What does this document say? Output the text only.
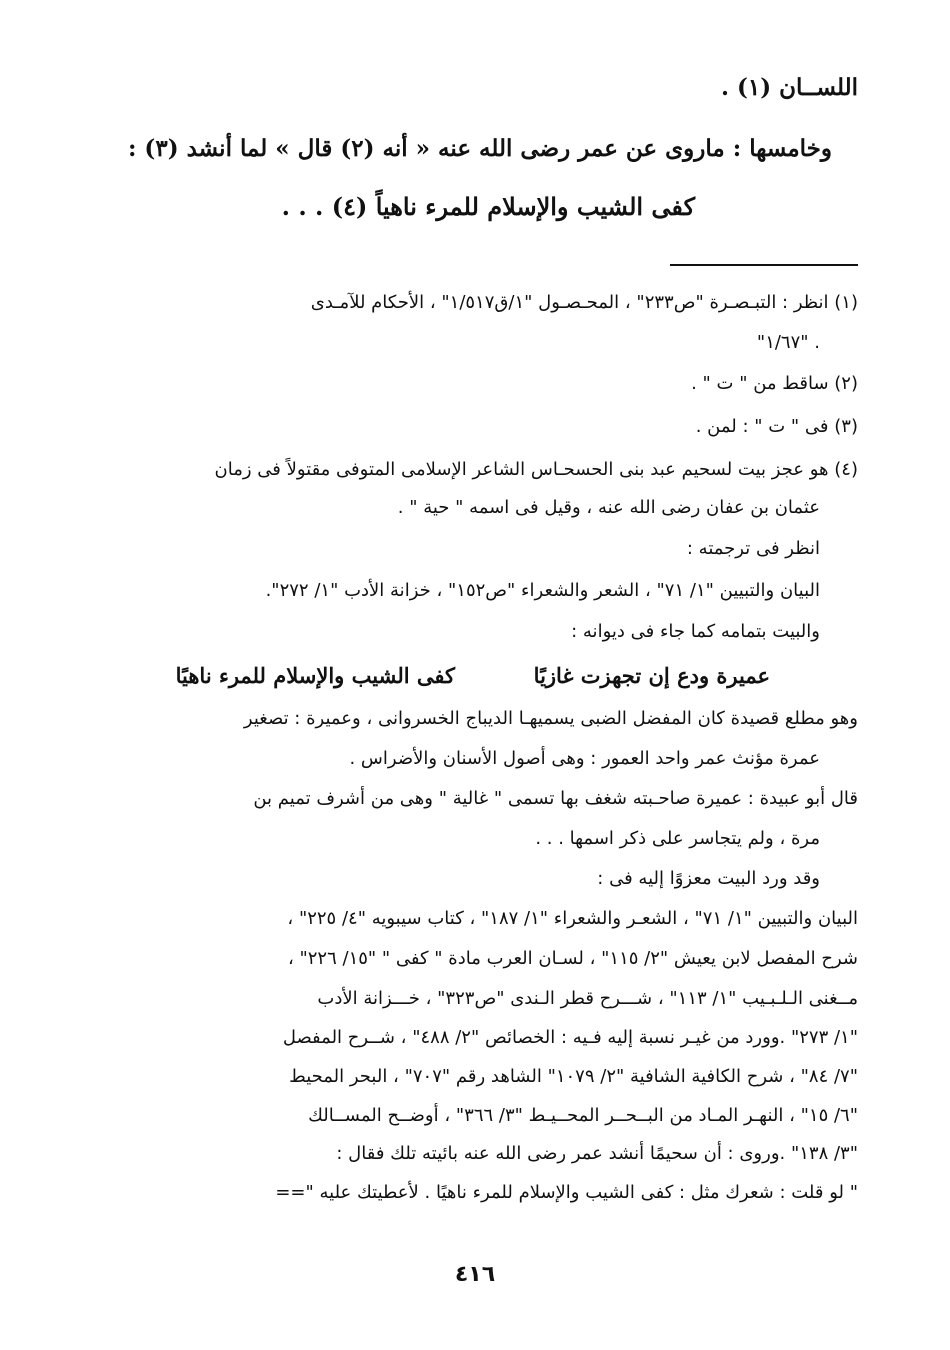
اللســان (١) .
وخامسها : ماروى عن عمر رضى الله عنه « أنه (٢) قال » لما أنشد (٣) :
كفى الشيب والإسلام للمرء ناهياً (٤) . . .
(١) انظر : التبـصـرة "ص٢٣٣" ، المحـصـول "١/ق١/٥١٧" ، الأحكام للآمـدى
"١/٦٧" .
(٢) ساقط من " ت " .
(٣) فى " ت " : لمن .
(٤) هو عجز بيت لسحيم عبد بنى الحسحـاس الشاعر الإسلامى المتوفى مقتولاً فى زمان
عثمان بن عفان رضى الله عنه ، وقيل فى اسمه " حية " .
انظر فى ترجمته :
البيان والتبيين "١/ ٧١" ، الشعر والشعراء "ص١٥٢" ، خزانة الأدب "١/ ٢٧٢".
والبيت بتمامه كما جاء فى ديوانه :
عميرة ودع إن تجهزت غازيًا
كفى الشيب والإسلام للمرء ناهيًا
وهو مطلع قصيدة كان المفضل الضبى يسميهـا الديباج الخسروانى ، وعميرة : تصغير
عمرة مؤنث عمر واحد العمور : وهى أصول الأسنان والأضراس .
قال أبو عبيدة : عميرة صاحـبته شغف بها تسمى " غالية " وهى من أشرف تميم بن
مرة ، ولم يتجاسر على ذكر اسمها . . .
وقد ورد البيت معزوًا إليه فى :
البيان والتبيين "١/ ٧١" ، الشعـر والشعراء "١/ ١٨٧" ، كتاب سيبويه "٤/ ٢٢٥" ،
شرح المفصل لابن يعيش "٢/ ١١٥" ، لسـان العرب مادة " كفى " "١٥/ ٢٢٦" ،
مــغنى الـلـبـيب "١/ ١١٣" ، شـــرح قطر الـندى "ص٣٢٣" ، خـــزانة الأدب
"١/ ٢٧٣" .وورد من غيـر نسبة إليه فـيه : الخصائص "٢/ ٤٨٨" ، شــرح المفصل
"٧/ ٨٤" ، شرح الكافية الشافية "٢/ ١٠٧٩" الشاهد رقم "٧٠٧" ، البحر المحيط
"٦/ ١٥" ، النهـر المـاد من البــحــر المحــيـط "٣/ ٣٦٦" ، أوضــح المســالك
"٣/ ١٣٨" .وروى : أن سحيمًا أنشد عمر رضى الله عنه بائيته تلك فقال :
" لو قلت : شعرك مثل : كفى الشيب والإسلام للمرء ناهيًا . لأعطيتك عليه "==
٤١٦
